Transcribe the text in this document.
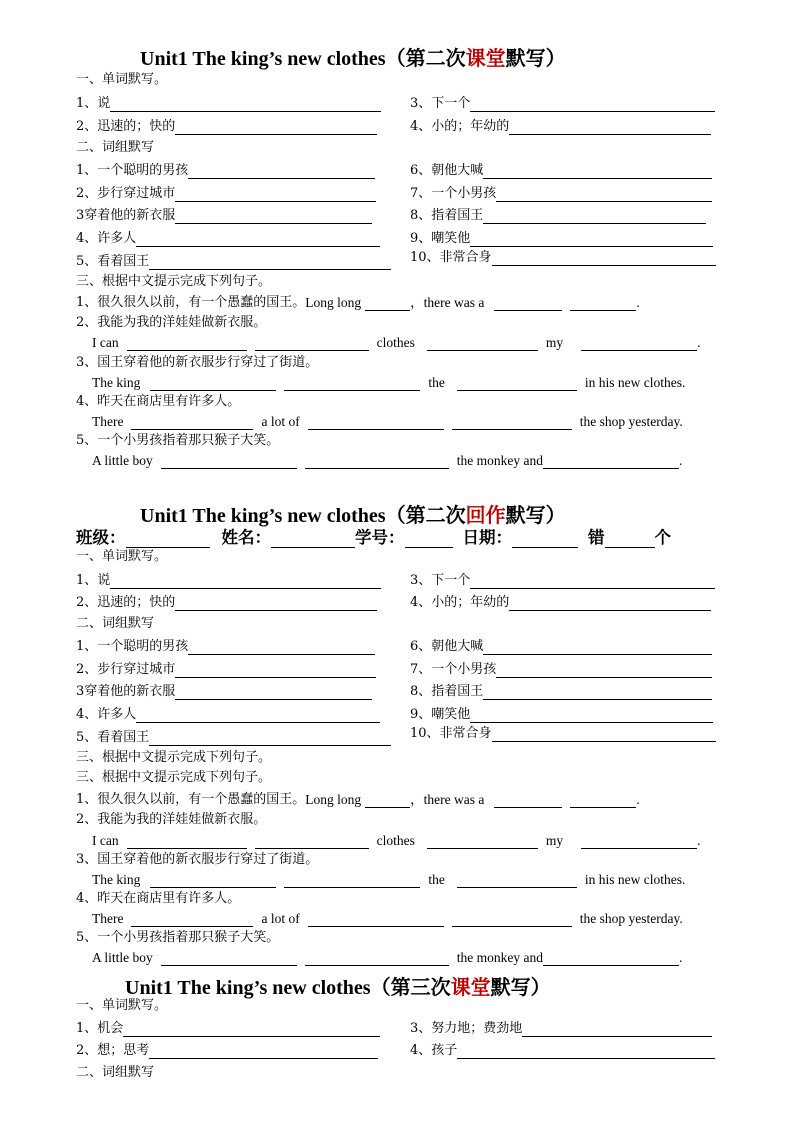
Unit1 The king’s new clothes（第二次课堂默写）
一、单词默写。
1、说	3、下一个
2、迅速的；快的	4、小的；年幼的
二、词组默写
1、一个聪明的男孩	6、朝他大喊
2、步行穿过城市	7、一个小男孩
3穿着他的新衣服	8、指着国王
4、许多人	9、嘲笑他
5、看着国王	10、非常合身
三、根据中文提示完成下列句子。
1、很久很久以前，有一个愚蠢的国王。 Long long	，there was a	.
2、我能为我的洋娃娃做新衣服。
I can	clothes	my	.
3、国王穿着他的新衣服步行穿过了街道。
The king	the	in his new clothes.
4、昨天在商店里有许多人。
There	a lot of	the shop yesterday.
5、一个小男孩指着那只猴子大笑。
A little boy	the monkey and	.
Unit1 The king’s new clothes（第二次回作默写）
班级：	姓名：	学号：	日期：	错	个
一、单词默写。
1、说	3、下一个
2、迅速的；快的	4、小的；年幼的
二、词组默写
1、一个聪明的男孩	6、朝他大喊
2、步行穿过城市	7、一个小男孩
3穿着他的新衣服	8、指着国王
4、许多人	9、嘲笑他
5、看着国王	10、非常合身
三、根据中文提示完成下列句子。
三、根据中文提示完成下列句子。
1、很久很久以前，有一个愚蠢的国王。 Long long	，there was a	.
2、我能为我的洋娃娃做新衣服。
I can	clothes	my	.
3、国王穿着他的新衣服步行穿过了街道。
The king	the	in his new clothes.
4、昨天在商店里有许多人。
There	a lot of	the shop yesterday.
5、一个小男孩指着那只猴子大笑。
A little boy	the monkey and	.
Unit1 The king’s new clothes（第三次课堂默写）
一、单词默写。
1、机会	3、努力地；费劲地
2、想；思考	4、孩子
二、词组默写
